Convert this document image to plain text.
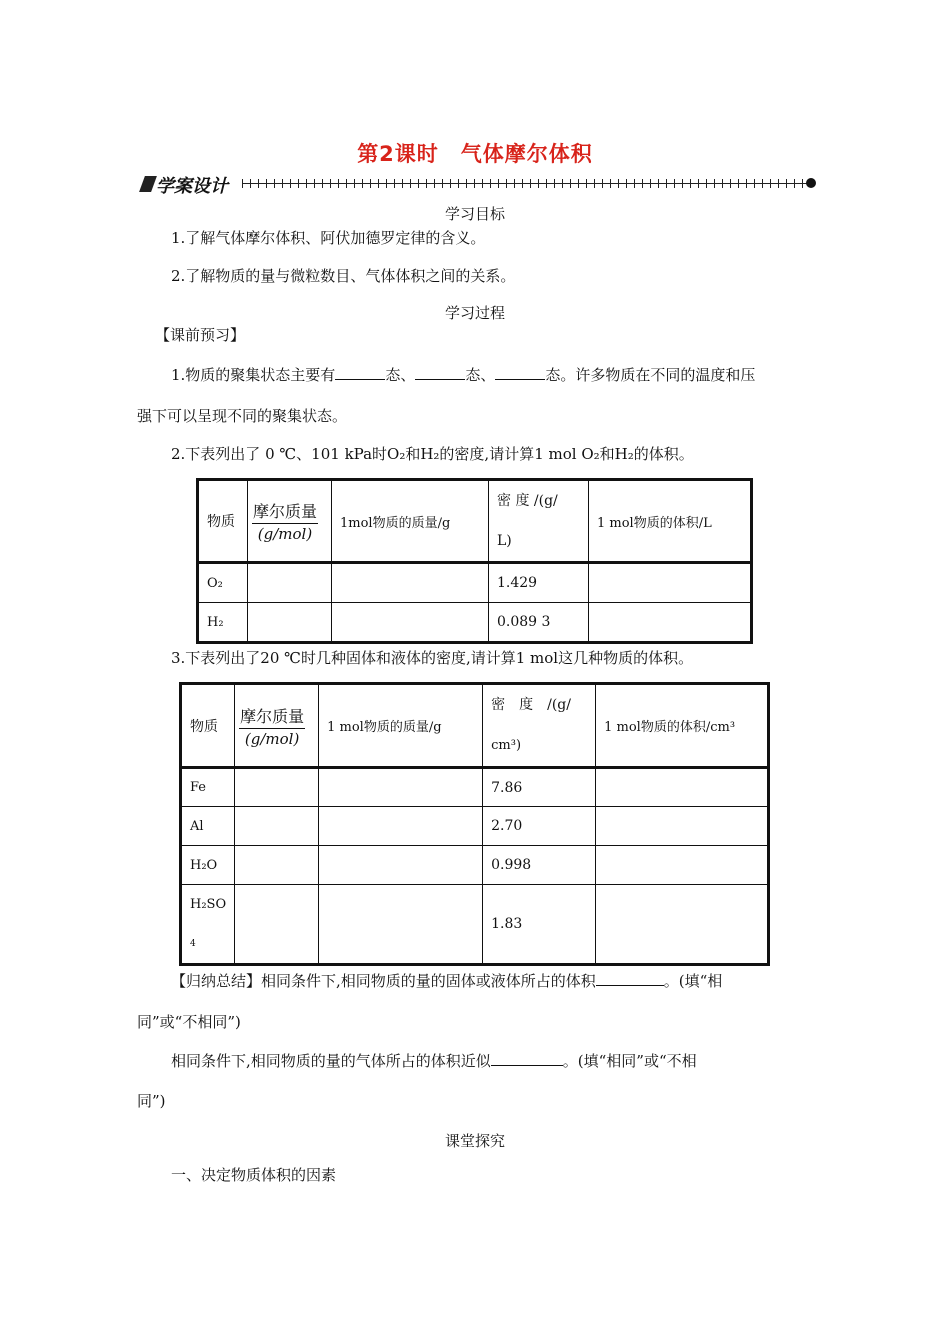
第2课时　气体摩尔体积
学案设计
学习目标
1.了解气体摩尔体积、阿伏加德罗定律的含义。
2.了解物质的量与微粒数目、气体体积之间的关系。
学习过程
【课前预习】
1.物质的聚集状态主要有	态、	态、	态。许多物质在不同的温度和压
强下可以呈现不同的聚集状态。
2.下表列出了 0 ℃、101 kPa时O₂和H₂的密度,请计算1 mol O₂和H₂的体积。
物质	$\frac{\text{摩尔质量}}{\text{(g/mol)}}$	1mol物质的质量/g	密 度 /(g/
L)	1 mol物质的体积/L
O₂			1.429	
H₂			0.089 3	
3.下表列出了20 ℃时几种固体和液体的密度,请计算1 mol这几种物质的体积。
物质	$\frac{\text{摩尔质量}}{\text{(g/mol)}}$	1 mol物质的质量/g	密　度　/(g/
cm³)	1 mol物质的体积/cm³
Fe			7.86	
Al			2.70	
H₂O			0.998	
H₂SO
4			1.83	
【归纳总结】相同条件下,相同物质的量的固体或液体所占的体积	。(填“相
同”或“不相同”)
相同条件下,相同物质的量的气体所占的体积近似	。(填“相同”或“不相
同”)
课堂探究
一、决定物质体积的因素
